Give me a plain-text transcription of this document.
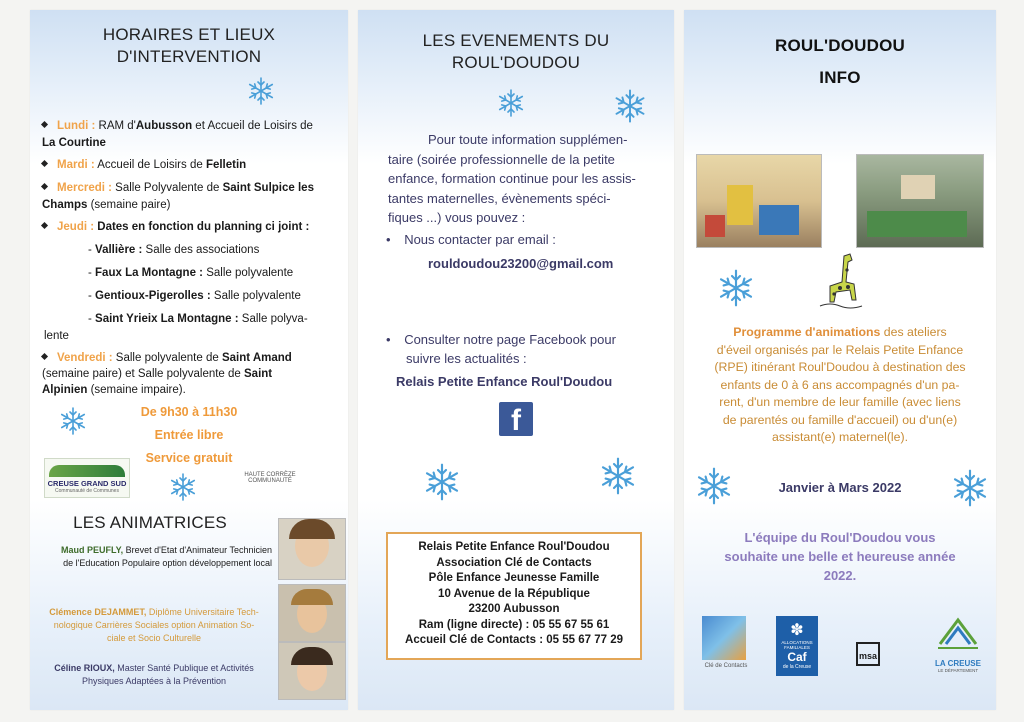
HORAIRES ET LIEUX
D'INTERVENTION
Lundi : RAM d'Aubusson et Accueil de Loisirs de
La Courtine
Mardi : Accueil de Loisirs de Felletin
Mercredi : Salle Polyvalente de Saint Sulpice les
Champs (semaine paire)
Jeudi : Dates en fonction du planning ci joint :
- Vallière : Salle des associations
- Faux La Montagne : Salle polyvalente
- Gentioux-Pigerolles : Salle polyvalente
- Saint Yrieix La Montagne : Salle polyva-
lente
Vendredi : Salle polyvalente de Saint Amand
(semaine paire) et Salle polyvalente de Saint
Alpinien (semaine impaire).
De 9h30 à 11h30
Entrée libre
Service gratuit
CREUSE GRAND SUD
Communauté de Communes
HAUTE CORRÈZE COMMUNAUTÉ
LES ANIMATRICES
Maud PEUFLY, Brevet d'Etat d'Animateur Technicien
de l'Education Populaire option développement local
Clémence DEJAMMET, Diplôme Universitaire Tech-
nologique Carrières Sociales option Animation So-
ciale et Socio Culturelle
Céline RIOUX, Master Santé Publique et Activités
Physiques Adaptées à la Prévention
LES EVENEMENTS DU
ROUL'DOUDOU
Pour toute information supplémen-
taire (soirée professionnelle de la petite
enfance, formation continue pour les assis-
tantes maternelles, évènements spéci-
fiques ...) vous pouvez :
• Nous contacter par email :
rouldoudou23200@gmail.com
• Consulter notre page Facebook pour
suivre les actualités :
Relais Petite Enfance Roul'Doudou
f
Relais Petite Enfance Roul'Doudou
Association Clé de Contacts
Pôle Enfance Jeunesse Famille
10 Avenue de la République
23200 Aubusson
Ram (ligne directe) : 05 55 67 55 61
Accueil Clé de Contacts : 05 55 67 77 29
ROUL'DOUDOU
INFO
Programme d'animations des ateliers
d'éveil organisés par le Relais Petite Enfance
(RPE) itinérant Roul'Doudou à destination des
enfants de 0 à 6 ans accompagnés d'un pa-
rent, d'un membre de leur famille (avec liens
de parentés ou famille d'accueil) ou d'un(e)
assistant(e) maternel(le).
Janvier à Mars 2022
L'équipe du Roul'Doudou vous
souhaite une belle et heureuse année
2022.
Clé de Contacts
✽
ALLOCATIONS FAMILIALES
Caf
de la Creuse
msa
LA CREUSE
LE DÉPARTEMENT
